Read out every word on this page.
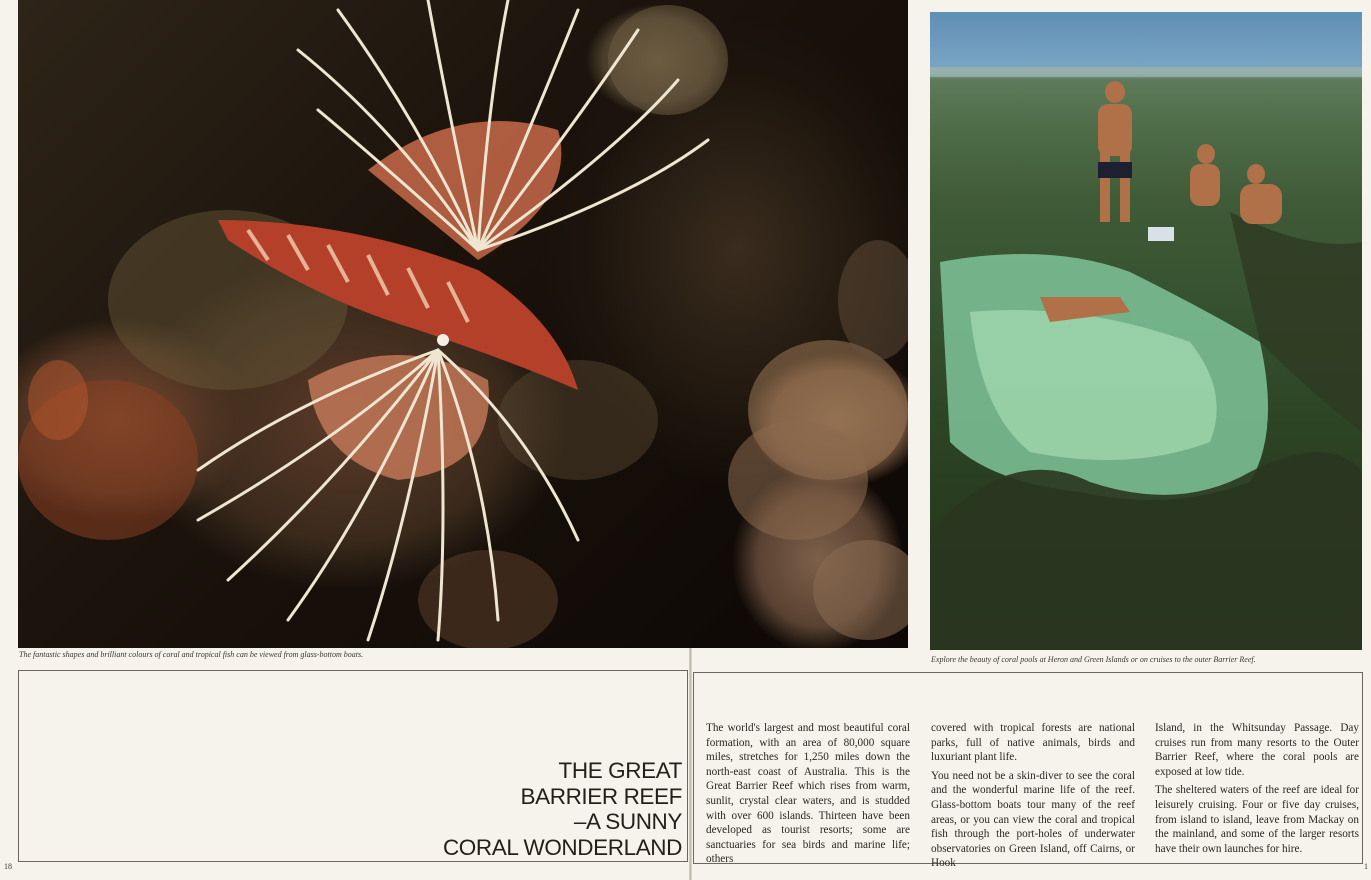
The fantastic shapes and brilliant colours of coral and tropical fish can be viewed from glass-bottom boats.
Explore the beauty of coral pools at Heron and Green Islands or on cruises to the outer Barrier Reef.
THE GREAT
BARRIER REEF
–A SUNNY
CORAL WONDERLAND

The world's largest and most beautiful coral formation, with an area of 80,000 square miles, stretches for 1,250 miles down the north-east coast of Australia. This is the Great Barrier Reef which rises from warm, sunlit, crystal clear waters, and is studded with over 600 islands. Thirteen have been developed as tourist resorts; some are sanctuaries for sea birds and marine life; others

covered with tropical forests are national parks, full of native animals, birds and luxuriant plant life.

You need not be a skin-diver to see the coral and the wonderful marine life of the reef. Glass-bottom boats tour many of the reef areas, or you can view the coral and tropical fish through the port-holes of underwater observatories on Green Island, off Cairns, or Hook

Island, in the Whitsunday Passage. Day cruises run from many resorts to the Outer Barrier Reef, where the coral pools are exposed at low tide.

The sheltered waters of the reef are ideal for leisurely cruising. Four or five day cruises, from island to island, leave from Mackay on the mainland, and some of the larger resorts have their own launches for hire.

18	1
